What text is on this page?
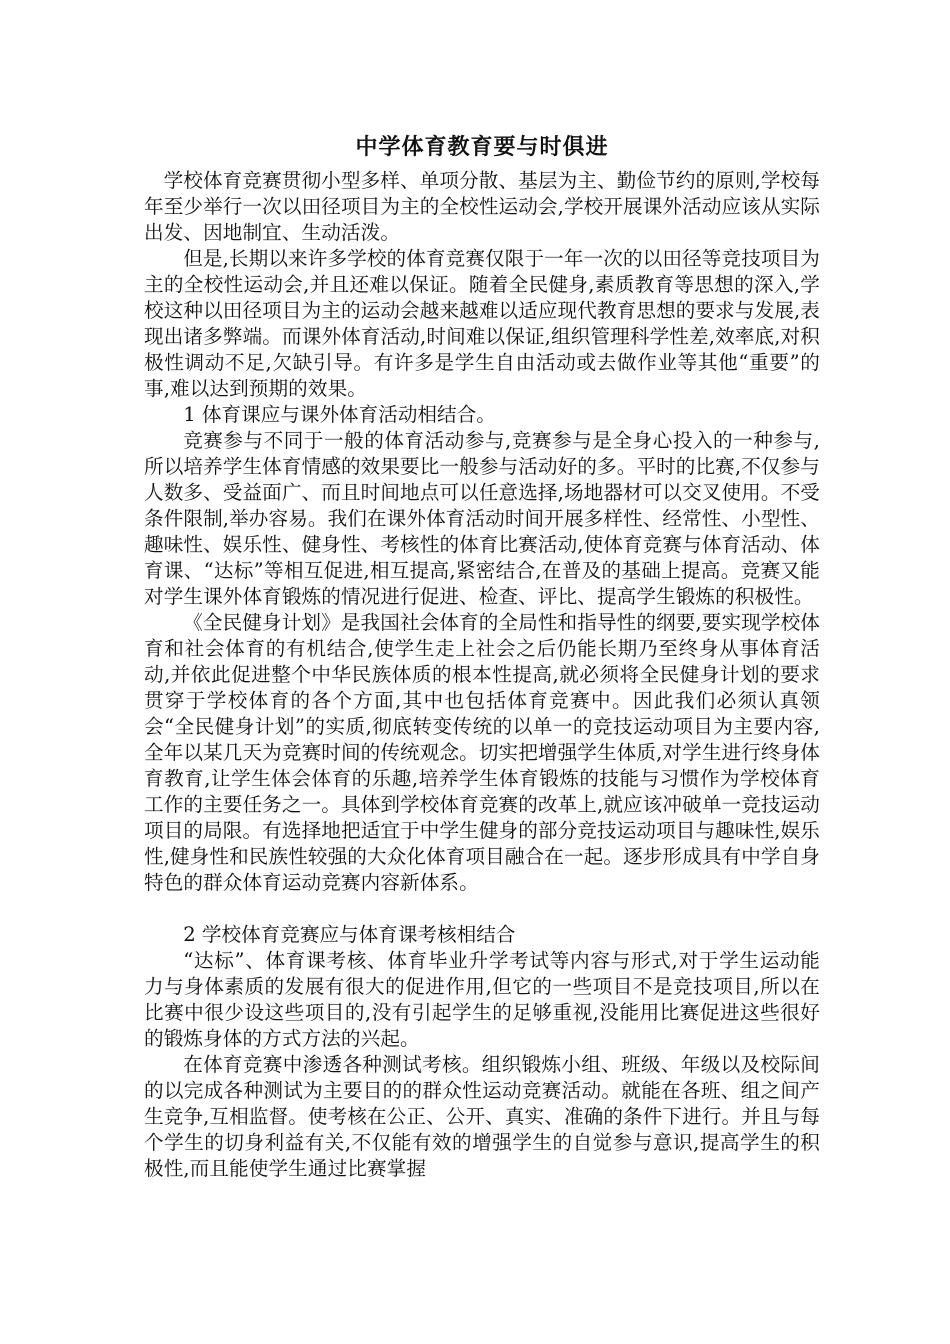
中学体育教育要与时俱进

学校体育竞赛贯彻小型多样、单项分散、基层为主、勤俭节约的原则,学校每年至少举行一次以田径项目为主的全校性运动会,学校开展课外活动应该从实际出发、因地制宜、生动活泼。

但是,长期以来许多学校的体育竞赛仅限于一年一次的以田径等竞技项目为主的全校性运动会,并且还难以保证。随着全民健身,素质教育等思想的深入,学校这种以田径项目为主的运动会越来越难以适应现代教育思想的要求与发展,表现出诸多弊端。而课外体育活动,时间难以保证,组织管理科学性差,效率底,对积极性调动不足,欠缺引导。有许多是学生自由活动或去做作业等其他“重要”的事,难以达到预期的效果。

1 体育课应与课外体育活动相结合。

竞赛参与不同于一般的体育活动参与,竞赛参与是全身心投入的一种参与,所以培养学生体育情感的效果要比一般参与活动好的多。平时的比赛,不仅参与人数多、受益面广、而且时间地点可以任意选择,场地器材可以交叉使用。不受条件限制,举办容易。我们在课外体育活动时间开展多样性、经常性、小型性、趣味性、娱乐性、健身性、考核性的体育比赛活动,使体育竞赛与体育活动、体育课、“达标”等相互促进,相互提高,紧密结合,在普及的基础上提高。竞赛又能对学生课外体育锻炼的情况进行促进、检查、评比、提高学生锻炼的积极性。

《全民健身计划》是我国社会体育的全局性和指导性的纲要,要实现学校体育和社会体育的有机结合,使学生走上社会之后仍能长期乃至终身从事体育活动,并依此促进整个中华民族体质的根本性提高,就必须将全民健身计划的要求贯穿于学校体育的各个方面,其中也包括体育竞赛中。因此我们必须认真领会“全民健身计划”的实质,彻底转变传统的以单一的竞技运动项目为主要内容,全年以某几天为竞赛时间的传统观念。切实把增强学生体质,对学生进行终身体育教育,让学生体会体育的乐趣,培养学生体育锻炼的技能与习惯作为学校体育工作的主要任务之一。具体到学校体育竞赛的改革上,就应该冲破单一竞技运动项目的局限。有选择地把适宜于中学生健身的部分竞技运动项目与趣味性,娱乐性,健身性和民族性较强的大众化体育项目融合在一起。逐步形成具有中学自身特色的群众体育运动竞赛内容新体系。

2 学校体育竞赛应与体育课考核相结合

“达标”、体育课考核、体育毕业升学考试等内容与形式,对于学生运动能力与身体素质的发展有很大的促进作用,但它的一些项目不是竞技项目,所以在比赛中很少设这些项目的,没有引起学生的足够重视,没能用比赛促进这些很好的锻炼身体的方式方法的兴起。

在体育竞赛中渗透各种测试考核。组织锻炼小组、班级、年级以及校际间的以完成各种测试为主要目的的群众性运动竞赛活动。就能在各班、组之间产生竞争,互相监督。使考核在公正、公开、真实、准确的条件下进行。并且与每个学生的切身利益有关,不仅能有效的增强学生的自觉参与意识,提高学生的积极性,而且能使学生通过比赛掌握
